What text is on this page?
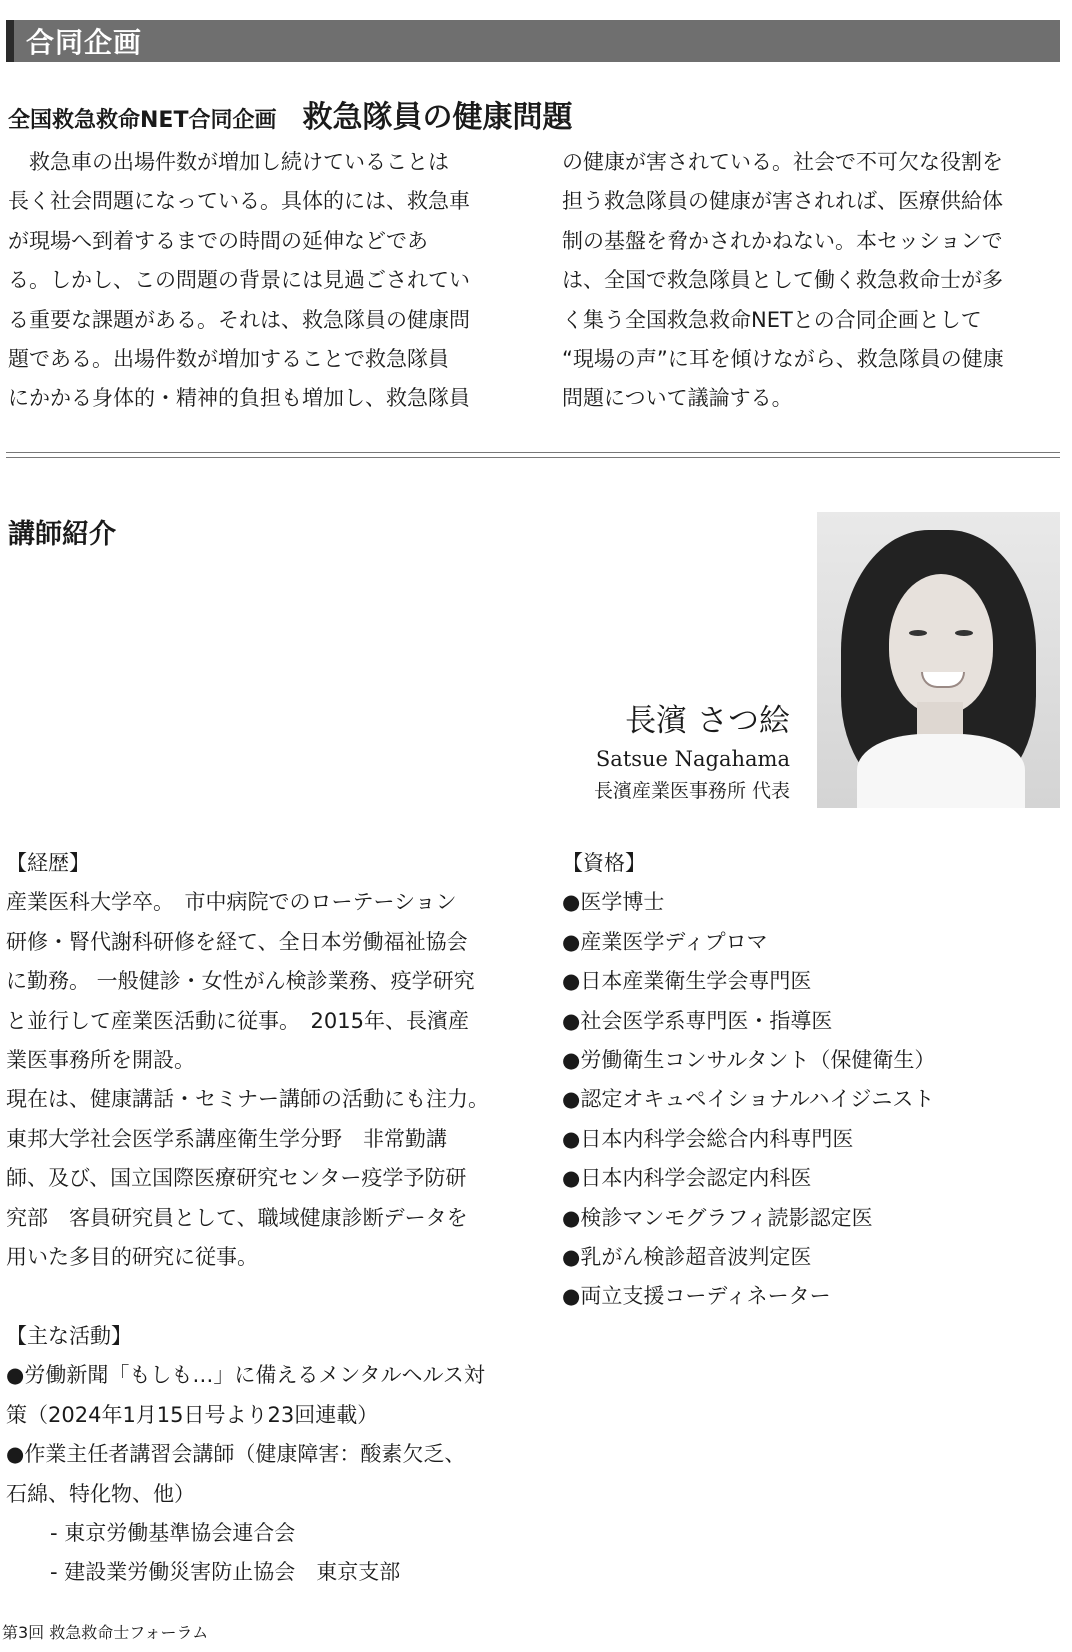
合同企画
全国救急救命NET合同企画 救急隊員の健康問題

　救急車の出場件数が増加し続けていることは

長く社会問題になっている。具体的には、救急車

が現場へ到着するまでの時間の延伸などであ

る。しかし、この問題の背景には見過ごされてい

る重要な課題がある。それは、救急隊員の健康問

題である。出場件数が増加することで救急隊員

にかかる身体的・精神的負担も増加し、救急隊員

の健康が害されている。社会で不可欠な役割を

担う救急隊員の健康が害されれば、医療供給体

制の基盤を脅かされかねない。本セッションで

は、全国で救急隊員として働く救急救命士が多

く集う全国救急救命NETとの合同企画として

“現場の声”に耳を傾けながら、救急隊員の健康

問題について議論する。

講師紹介
長濱 さつ絵
Satsue Nagahama
長濱産業医事務所 代表

【経歴】

産業医科大学卒。　市中病院でのローテーション

研修・腎代謝科研修を経て、全日本労働福祉協会

に勤務。 一般健診・女性がん検診業務、疫学研究

と並行して産業医活動に従事。　2015年、長濱産

業医事務所を開設。

現在は、健康講話・セミナー講師の活動にも注力。

東邦大学社会医学系講座衛生学分野　非常勤講

師、及び、国立国際医療研究センター疫学予防研

究部　客員研究員として、職域健康診断データを

用いた多目的研究に従事。

【主な活動】

●労働新聞「もしも…」に備えるメンタルヘルス対

策（2024年1月15日号より23回連載）

●作業主任者講習会講師（健康障害：酸素欠乏、

石綿、特化物、他）

- 東京労働基準協会連合会

- 建設業労働災害防止協会　東京支部

【資格】

●医学博士

●産業医学ディプロマ

●日本産業衛生学会専門医

●社会医学系専門医・指導医

●労働衛生コンサルタント（保健衛生）

●認定オキュペイショナルハイジニスト

●日本内科学会総合内科専門医

●日本内科学会認定内科医

●検診マンモグラフィ読影認定医

●乳がん検診超音波判定医

●両立支援コーディネーター

第3回 救急救命士フォーラム
